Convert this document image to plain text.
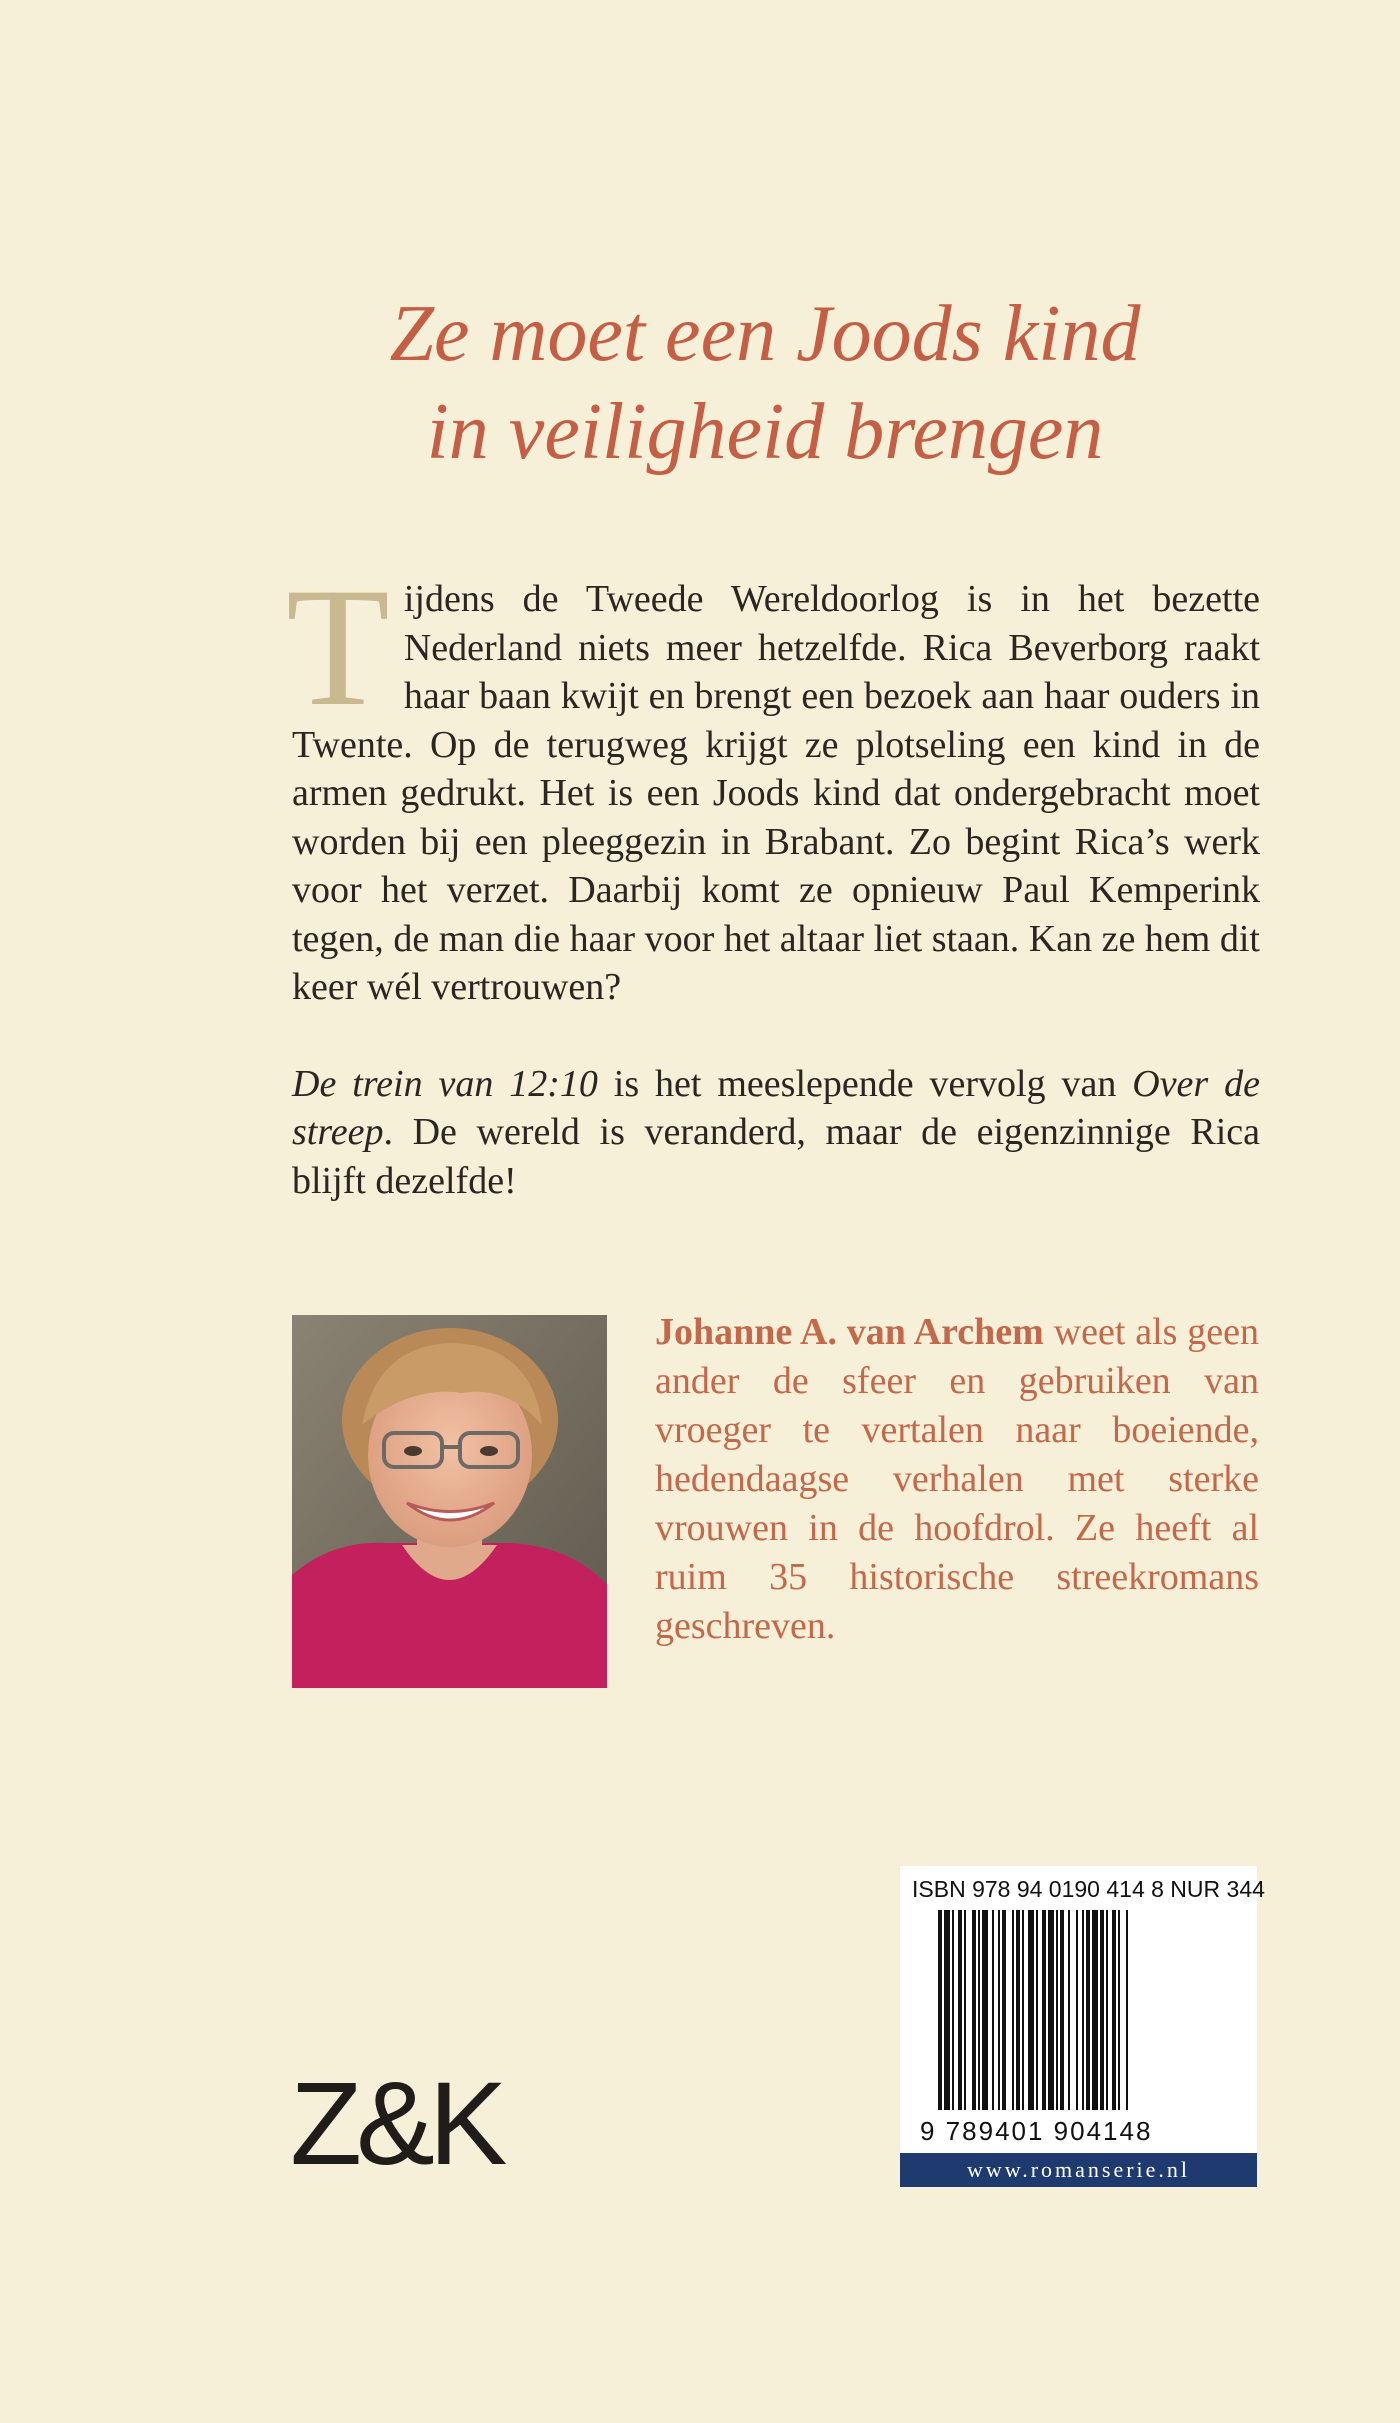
Ze moet een Joods kind
in veiligheid brengen

Tijdens de Tweede Wereldoorlog is in het bezette Nederland niets meer hetzelfde. Rica Beverborg raakt haar baan kwijt en brengt een bezoek aan haar ouders in Twente. Op de terugweg krijgt ze plotseling een kind in de armen gedrukt. Het is een Joods kind dat ondergebracht moet worden bij een pleeggezin in Brabant. Zo begint Rica’s werk voor het verzet. Daarbij komt ze opnieuw Paul Kemperink tegen, de man die haar voor het altaar liet staan. Kan ze hem dit keer wél vertrouwen?

De trein van 12:10 is het meeslepende vervolg van Over de streep. De wereld is veranderd, maar de eigenzinnige Rica blijft dezelfde!

Johanne A. van Archem weet als geen ander de sfeer en gebruiken van vroeger te vertalen naar boeiende, hedendaagse verhalen met sterke vrouwen in de hoofdrol. Ze heeft al ruim 35 historische streekromans geschreven.
Z&K
ISBN 978 94 0190 414 8 NUR 344
9 789401 904148
www.romanserie.nl
